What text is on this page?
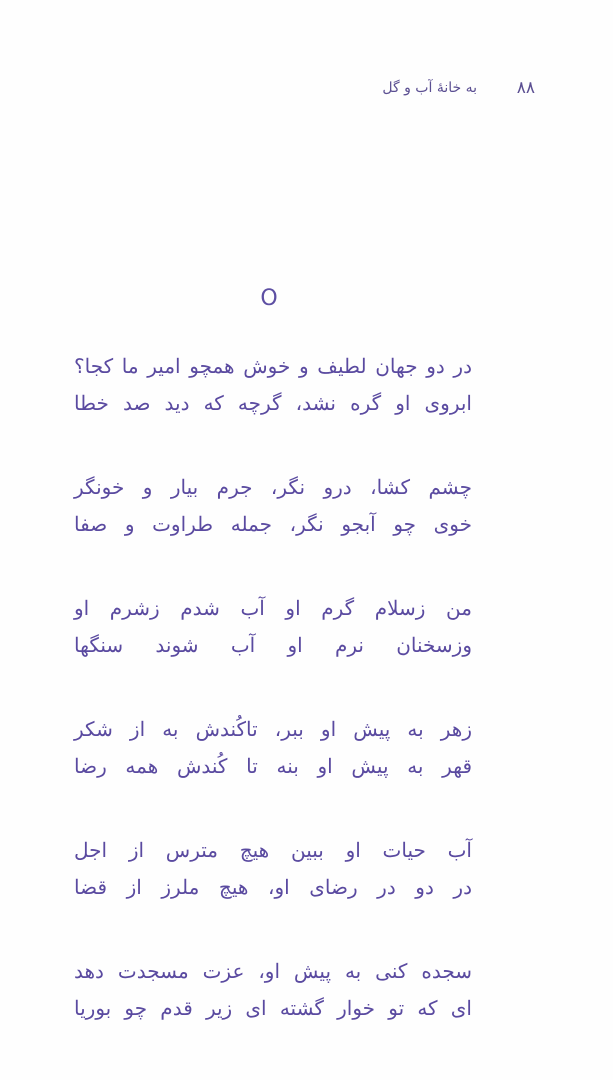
۸۸
به خانهٔ آب و گل
O
در دو جهان لطیف و خوش همچو امیر ما کجا؟
ابروی او گره نشد، گرچه که دید صد خطا
چشم کشا، درو نگر، جرم بیار و خونگر
خوی چو آبجو نگر، جمله طراوت و صفا
من زسلام گرم او آب شدم زشرم او
وزسخنان نرم او آب شوند سنگها
زهر به پیش او ببر، تاکُندش به از شکر
قهر به پیش او بنه تا کُندش همه رضا
آب حیات او ببین هیچ مترس از اجل
در دو در رضای او، هیچ ملرز از قضا
سجده کنی به پیش او، عزت مسجدت دهد
ای که تو خوار گشته ای زیر قدم چو بوریا
